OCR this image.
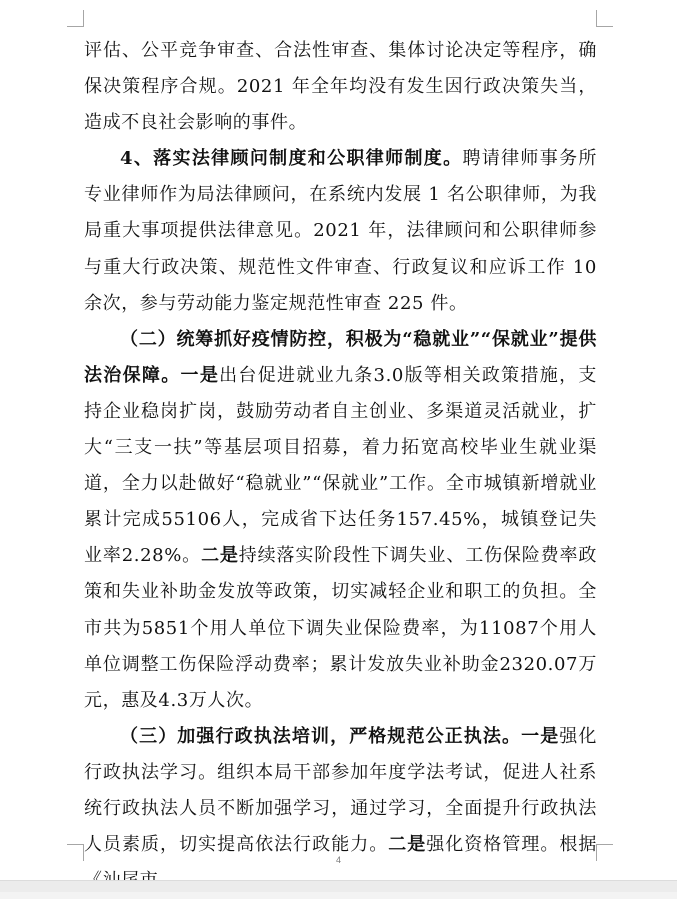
评估、公平竞争审查、合法性审查、集体讨论决定等程序，确保决策程序合规。2021 年全年均没有发生因行政决策失当，造成不良社会影响的事件。

4、落实法律顾问制度和公职律师制度。聘请律师事务所专业律师作为局法律顾问，在系统内发展 1 名公职律师，为我局重大事项提供法律意见。2021 年，法律顾问和公职律师参与重大行政决策、规范性文件审查、行政复议和应诉工作 10 余次，参与劳动能力鉴定规范性审查 225 件。

（二）统筹抓好疫情防控，积极为“稳就业”“保就业”提供法治保障。一是出台促进就业九条3.0版等相关政策措施，支持企业稳岗扩岗，鼓励劳动者自主创业、多渠道灵活就业，扩大“三支一扶”等基层项目招募，着力拓宽高校毕业生就业渠道，全力以赴做好“稳就业”“保就业”工作。全市城镇新增就业累计完成55106人，完成省下达任务157.45%，城镇登记失业率2.28%。二是持续落实阶段性下调失业、工伤保险费率政策和失业补助金发放等政策，切实减轻企业和职工的负担。全市共为5851个用人单位下调失业保险费率，为11087个用人单位调整工伤保险浮动费率；累计发放失业补助金2320.07万元，惠及4.3万人次。

（三）加强行政执法培训，严格规范公正执法。一是强化行政执法学习。组织本局干部参加年度学法考试，促进人社系统行政执法人员不断加强学习，通过学习，全面提升行政执法人员素质，切实提高依法行政能力。二是强化资格管理。根据

4
